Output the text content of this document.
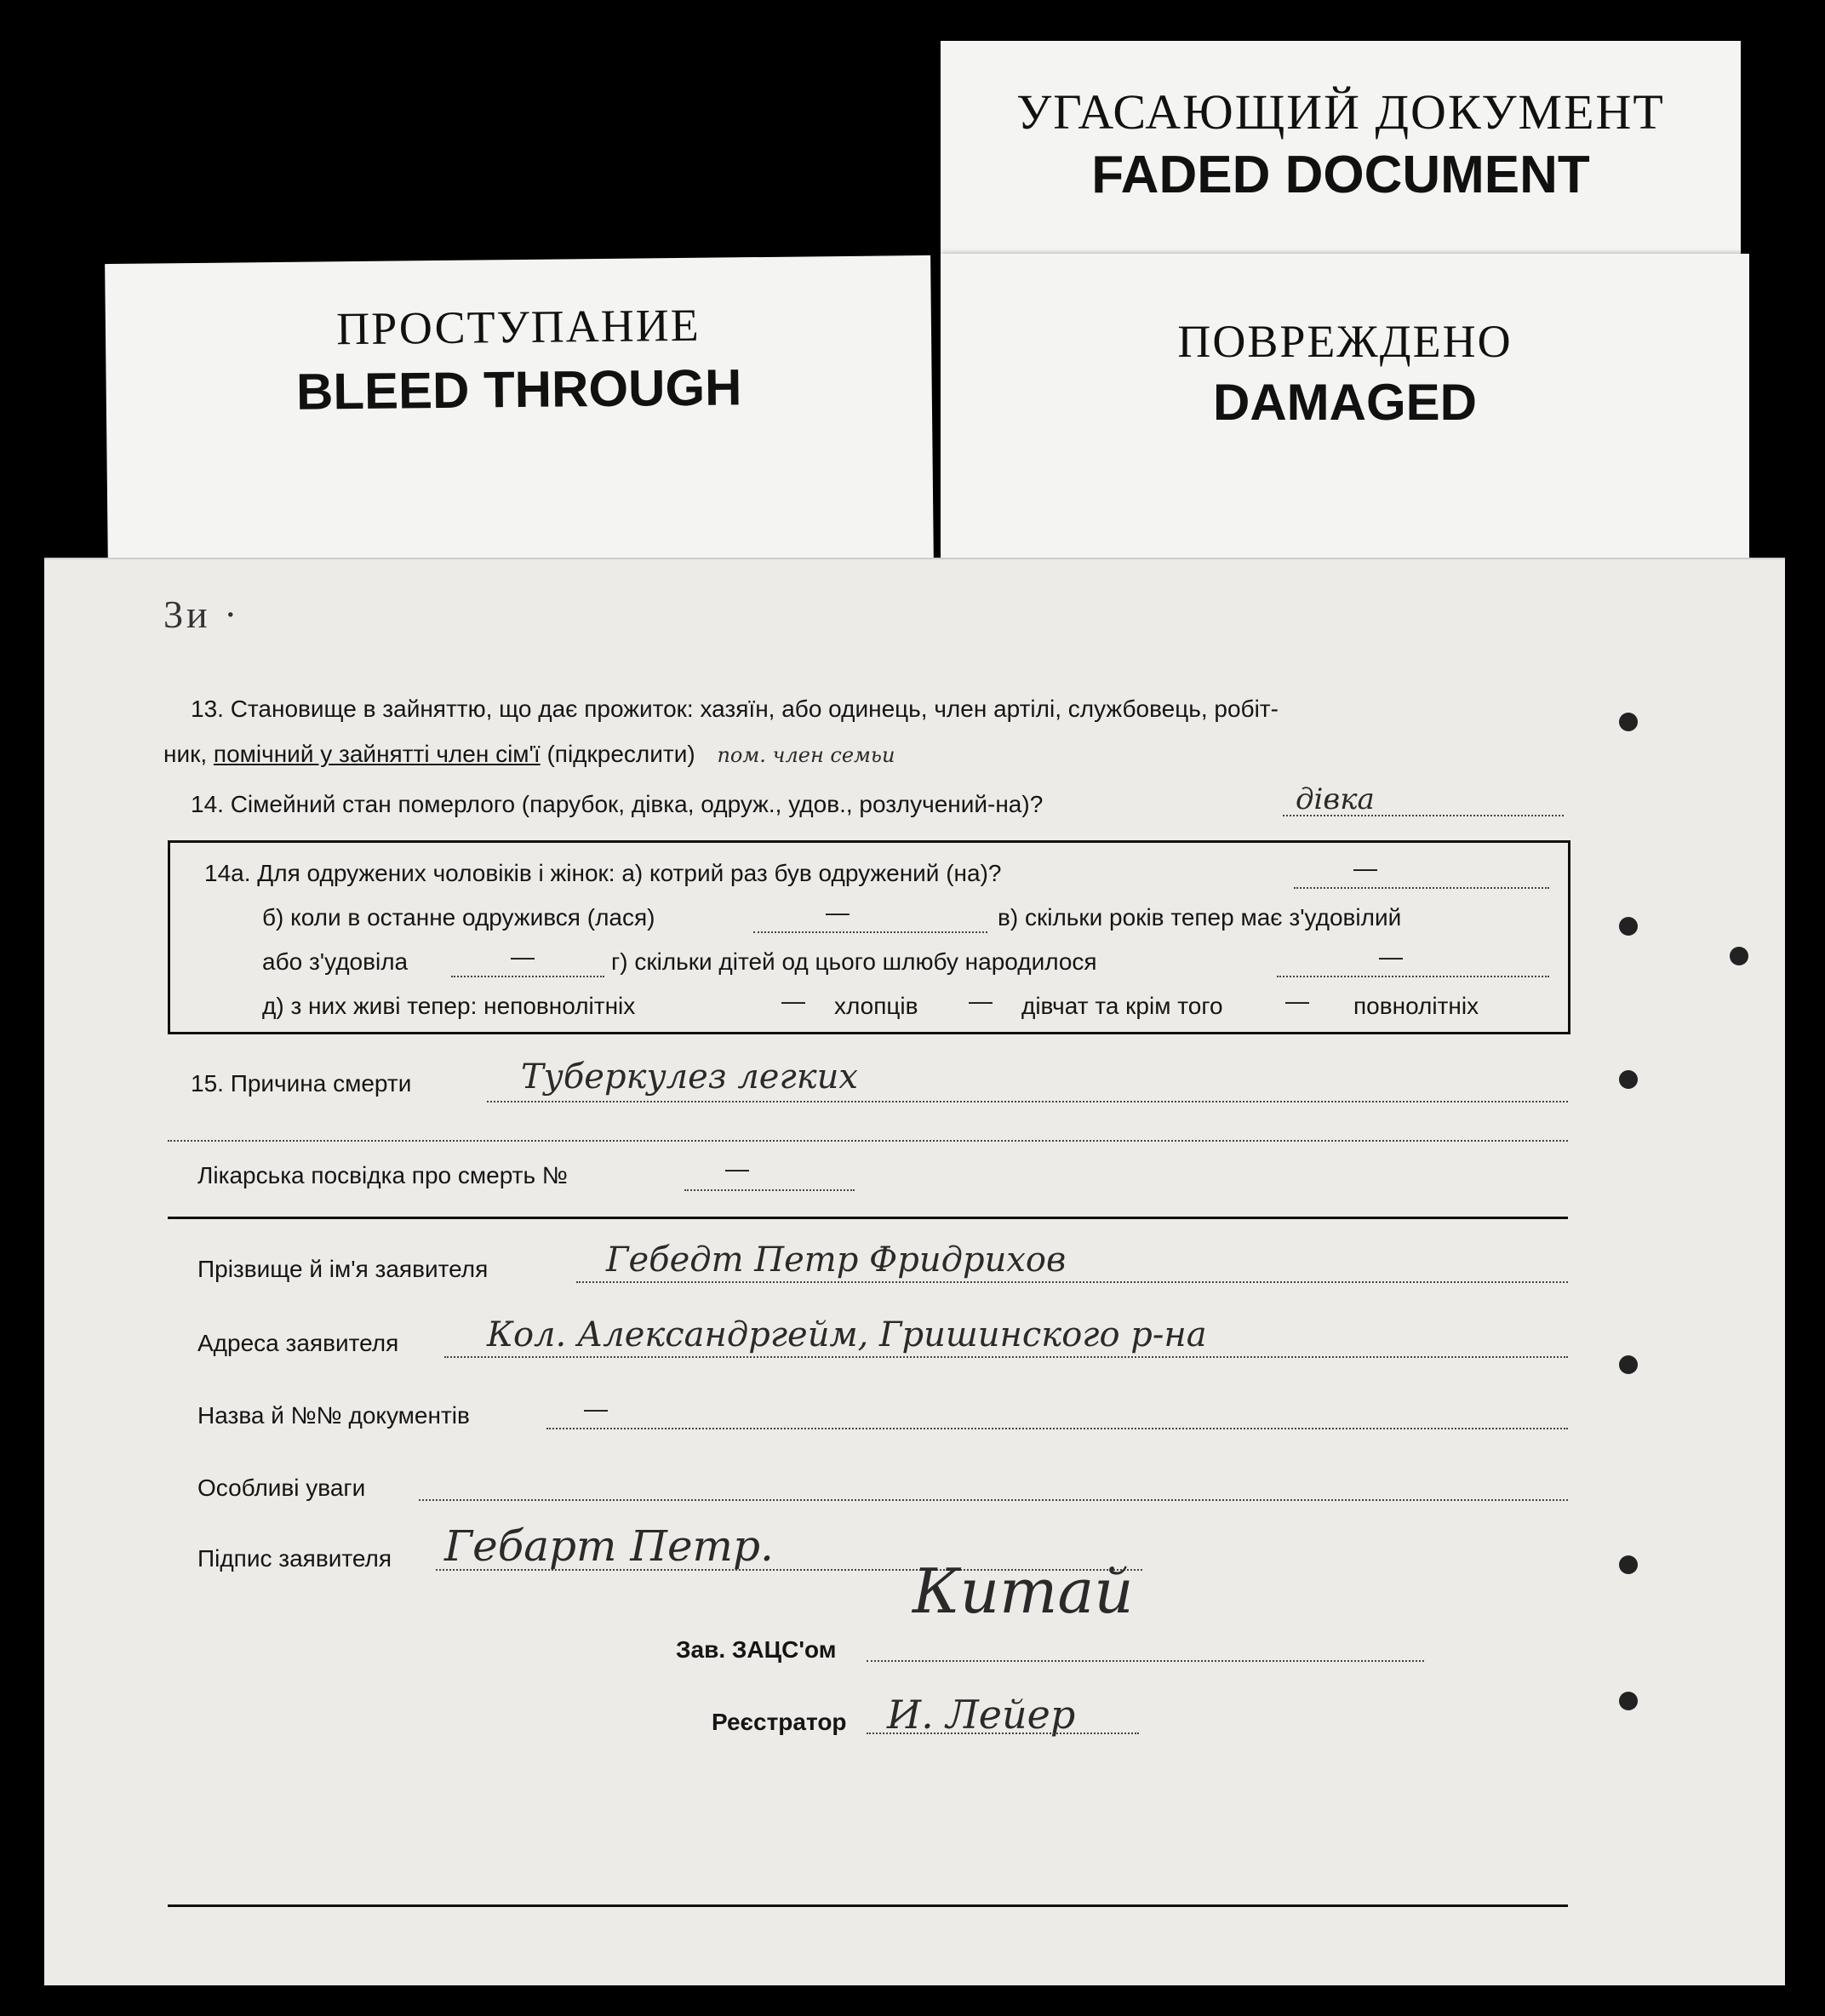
УГАСАЮЩИЙ ДОКУМЕНТ
FADED DOCUMENT
ПОВРЕЖДЕНО
DAMAGED
ПРОСТУПАНИЕ
BLEED THROUGH
3и ·
13. Становище в зайняттю, що дає прожиток: хазяїн, або одинець, член артілі, службовець, робіт-
ник, помічний у зайнятті член сім'ї (підкреслити) пом. член семьи
14. Сімейний стан померлого (парубок, дівка, одруж., удов., розлучений-на)?	дівка
14а. Для одружених чоловіків і жінок: а) котрий раз був одружений (на)?	—
б) коли в останне одружився (лася)	—	в) скільки років тепер має з'удовілий
або з'удовіла	—	г) скільки дітей од цього шлюбу народилося	—
д) з них живі тепер: неповнолітніх	— хлопців — дівчат та крім того	— повнолітніх
15. Причина смерти	Туберкулез легких
Лікарська посвідка про смерть №	—
Прізвище й ім'я заявителя	Гебедт Петр Фридрихов
Адреса заявителя	Кол. Александргейм, Гришинского р-на
Назва й №№ документів	—
Особливі уваги
Підпис заявителя Гебарт Петр.
Зав. ЗАЦС'ом
Китай
Реєстратор И. Лейер
